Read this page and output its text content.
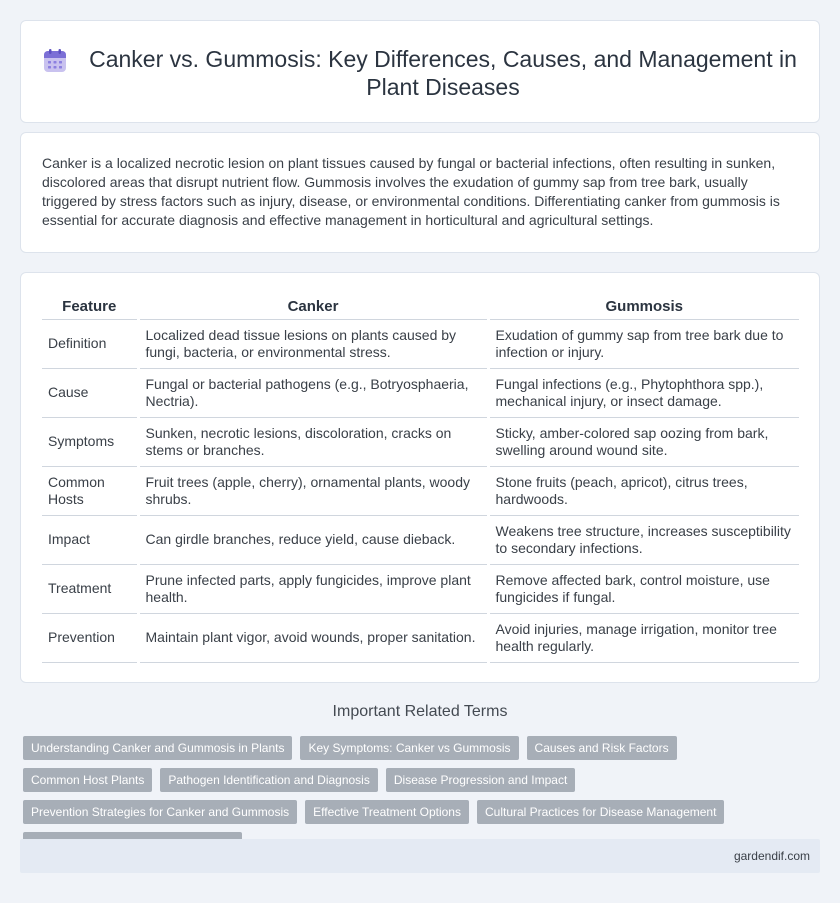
Canker vs. Gummosis: Key Differences, Causes, and Management in Plant Diseases

Canker is a localized necrotic lesion on plant tissues caused by fungal or bacterial infections, often resulting in sunken, discolored areas that disrupt nutrient flow. Gummosis involves the exudation of gummy sap from tree bark, usually triggered by stress factors such as injury, disease, or environmental conditions. Differentiating canker from gummosis is essential for accurate diagnosis and effective management in horticultural and agricultural settings.

Feature	Canker	Gummosis
Definition	Localized dead tissue lesions on plants caused by fungi, bacteria, or environmental stress.	Exudation of gummy sap from tree bark due to infection or injury.
Cause	Fungal or bacterial pathogens (e.g., Botryosphaeria, Nectria).	Fungal infections (e.g., Phytophthora spp.), mechanical injury, or insect damage.
Symptoms	Sunken, necrotic lesions, discoloration, cracks on stems or branches.	Sticky, amber-colored sap oozing from bark, swelling around wound site.
Common Hosts	Fruit trees (apple, cherry), ornamental plants, woody shrubs.	Stone fruits (peach, apricot), citrus trees, hardwoods.
Impact	Can girdle branches, reduce yield, cause dieback.	Weakens tree structure, increases susceptibility to secondary infections.
Treatment	Prune infected parts, apply fungicides, improve plant health.	Remove affected bark, control moisture, use fungicides if fungal.
Prevention	Maintain plant vigor, avoid wounds, proper sanitation.	Avoid injuries, manage irrigation, monitor tree health regularly.
Important Related Terms
Understanding Canker and Gummosis in Plants	Key Symptoms: Canker vs Gummosis	Causes and Risk Factors
Common Host Plants	Pathogen Identification and Diagnosis	Disease Progression and Impact
Prevention Strategies for Canker and Gummosis	Effective Treatment Options	Cultural Practices for Disease Management
gardendif.com
